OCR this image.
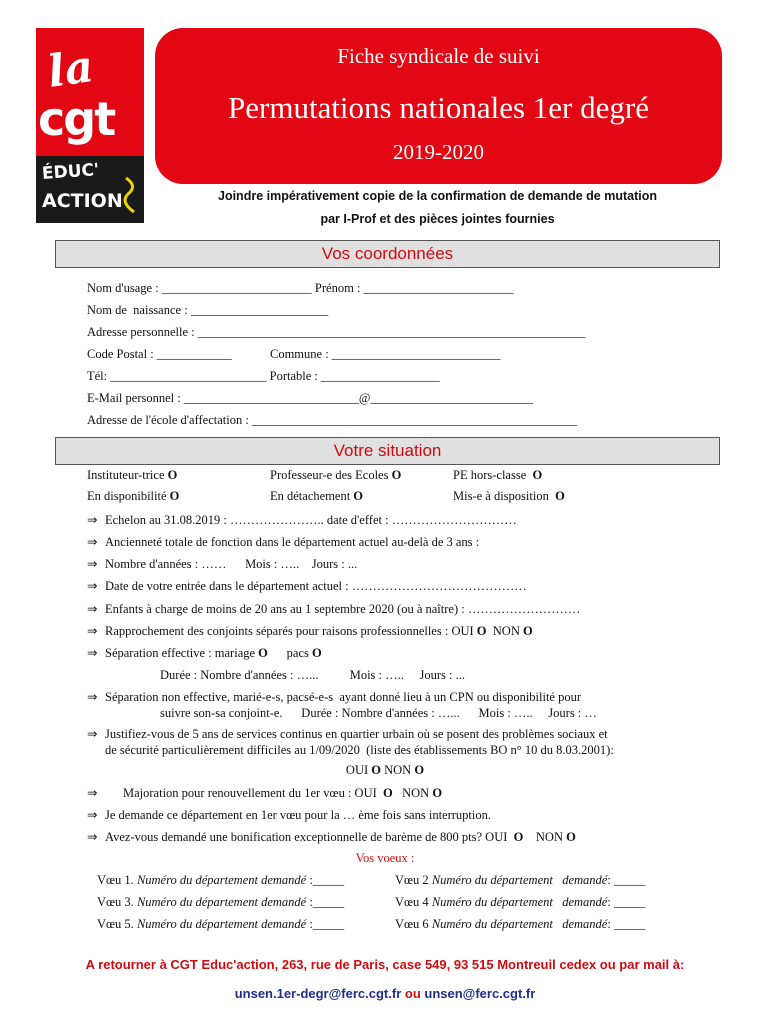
la
cgt
ÉDUC'
ACTION
Fiche syndicale de suivi
Permutations nationales 1er degré
2019-2020
Joindre impérativement copie de la confirmation de demande de mutation
par I-Prof et des pièces jointes fournies
Vos coordonnées
Nom d'usage : ________________________ Prénom : ________________________
Nom de  naissance : ______________________
Adresse personnelle : ______________________________________________________________
Code Postal : ____________	Commune : ___________________________
Tél: _________________________ Portable : ___________________
E-Mail personnel : ____________________________@__________________________
Adresse de l'école d'affectation : ____________________________________________________
Votre situation
Instituteur-trice O	Professeur-e des Ecoles O	PE hors-classe O
En disponibilité O	En détachement O	Mis-e à disposition O
⇒ Echelon au 31.08.2019 : ………………….. date d'effet : …………………………
⇒ Ancienneté totale de fonction dans le département actuel au-delà de 3 ans :
⇒ Nombre d'années : ……      Mois : …..    Jours : ...
⇒ Date de votre entrée dans le département actuel : ……………………………………
⇒ Enfants à charge de moins de 20 ans au 1 septembre 2020 (ou à naître) : ………………………
⇒ Rapprochement des conjoints séparés pour raisons professionnelles : OUI O NON O
⇒ Séparation effective : mariage O pacs O
Durée : Nombre d'années : …...          Mois : …..     Jours : ...
⇒ Séparation non effective, marié-e-s, pacsé-e-s  ayant donné lieu à un CPN ou disponibilité pour
suivre son-sa conjoint-e.      Durée : Nombre d'années : …...      Mois : …..     Jours : …
⇒ Justifiez-vous de 5 ans de services continus en quartier urbain où se posent des problèmes sociaux et
de sécurité particulièrement difficiles au 1/09/2020  (liste des établissements BO n° 10 du 8.03.2001):
OUI O NON O
⇒ Majoration pour renouvellement du 1er vœu : OUI O NON O
⇒ Je demande ce département en 1er vœu pour la … ème fois sans interruption.
⇒ Avez-vous demandé une bonification exceptionnelle de barème de 800 pts? OUI O NON O
Vos voeux :
Vœu 1. Numéro du département demandé :_____	Vœu 2 Numéro du département   demandé: _____
Vœu 3. Numéro du département demandé :_____	Vœu 4 Numéro du département   demandé: _____
Vœu 5. Numéro du département demandé :_____	Vœu 6 Numéro du département   demandé: _____
A retourner à CGT Educ'action, 263, rue de Paris, case 549, 93 515 Montreuil cedex ou par mail à:
unsen.1er-degr@ferc.cgt.fr ou unsen@ferc.cgt.fr
